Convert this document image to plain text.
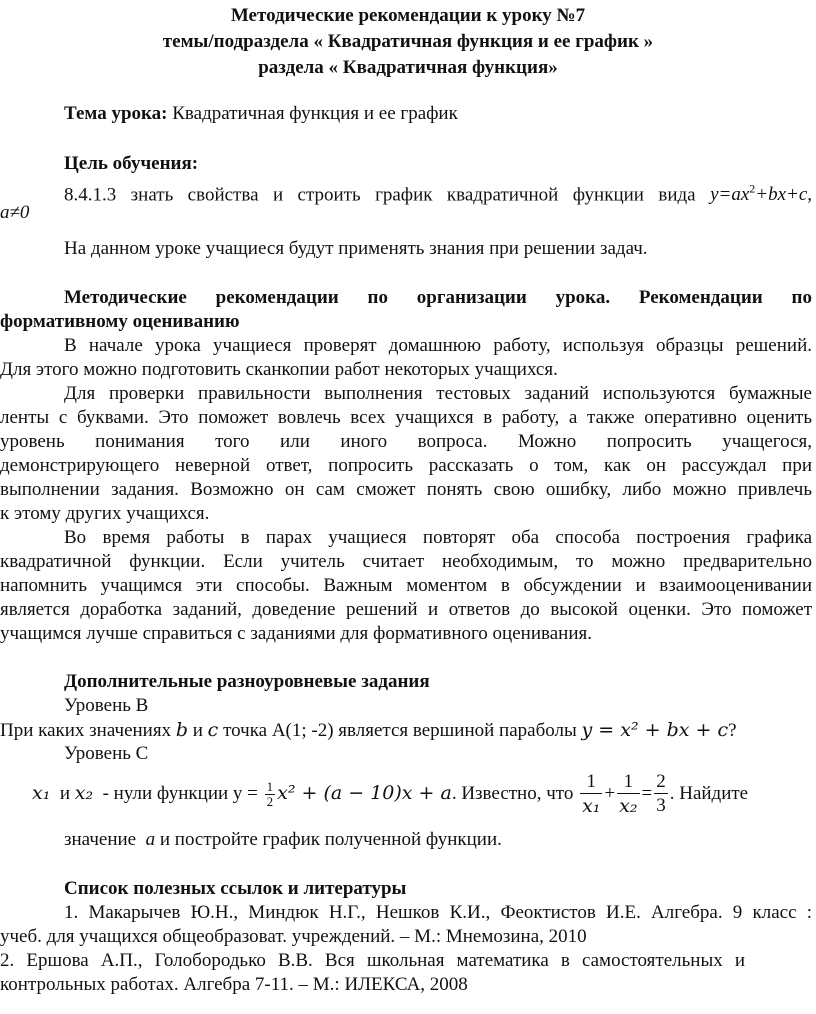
Методические рекомендации к уроку №7
темы/подраздела « Квадратичная функция и ее график »
раздела « Квадратичная функция»
Тема урока: Квадратичная функция и ее график
Цель обучения:
8.4.1.3 знать свойства и строить график квадратичной функции вида $y=ax^2+bx+c$,
a≠0
На данном уроке учащиеся будут применять знания при решении задач.
Методические рекомендации по организации урока. Рекомендации по
формативному оцениванию
В начале урока учащиеся проверят домашнюю работу, используя образцы решений.
Для этого можно подготовить сканкопии работ некоторых учащихся.
Для проверки правильности выполнения тестовых заданий используются бумажные
ленты с буквами. Это поможет вовлечь всех учащихся в работу, а также оперативно оценить
уровень понимания того или иного вопроса. Можно попросить учащегося,
демонстрирующего неверной ответ, попросить рассказать о том, как он рассуждал при
выполнении задания. Возможно он сам сможет понять свою ошибку, либо можно привлечь
к этому других учащихся.
Во время работы в парах учащиеся повторят оба способа построения графика
квадратичной функции. Если учитель считает необходимым, то можно предварительно
напомнить учащимся эти способы. Важным моментом в обсуждении и взаимооценивании
является доработка заданий, доведение решений и ответов до высокой оценки. Это поможет
учащимся лучше справиться с заданиями для формативного оценивания.
Дополнительные разноуровневые задания
Уровень B
При каких значениях b и c точка А(1; -2) является вершиной параболы y = x² + bx + c?
Уровень C
x₁ и x₂ - нули функции $у = \frac{1}{2} x^2 + (a - 10)x + a$. Известно, что $\frac{1}{\text{x₁}} + \frac{1}{\text{x₂}} = \frac{2}{3}$ . Найдите
значение а и постройте график полученной функции.
Список полезных ссылок и литературы
1. Макарычев Ю.Н., Миндюк Н.Г., Нешков К.И., Феоктистов И.Е. Алгебра. 9 класс :
учеб. для учащихся общеобразоват. учреждений. – М.: Мнемозина, 2010
2. Ершова А.П., Голобородько В.В. Вся школьная математика в самостоятельных и
контрольных работах. Алгебра 7-11. – М.: ИЛЕКСА, 2008
